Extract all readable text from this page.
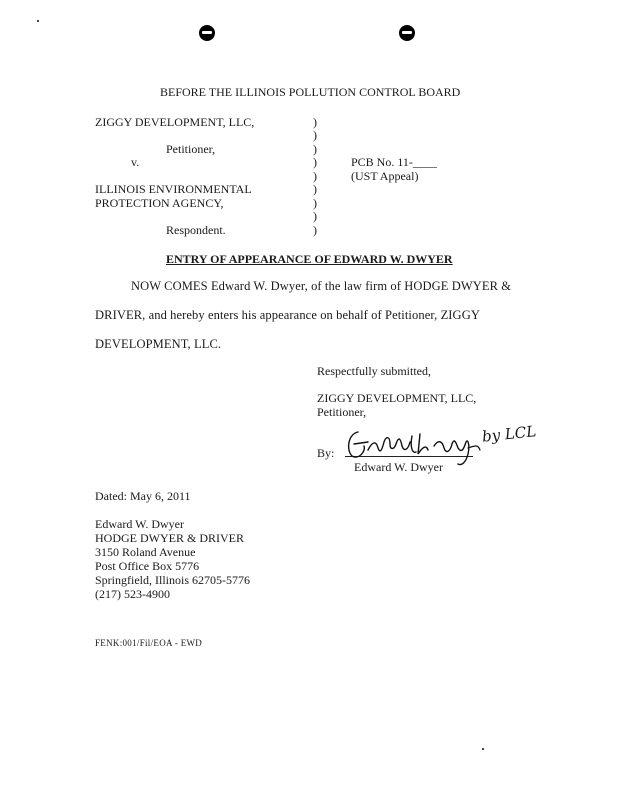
BEFORE THE ILLINOIS POLLUTION CONTROL BOARD
ZIGGY DEVELOPMENT, LLC,
Petitioner,
v.
ILLINOIS ENVIRONMENTAL
PROTECTION AGENCY,
Respondent.
)
)
)
)
)
)
)
)
)
PCB No. 11-____
(UST Appeal)
ENTRY OF APPEARANCE OF EDWARD W. DWYER
NOW COMES Edward W. Dwyer, of the law firm of HODGE DWYER &
DRIVER, and hereby enters his appearance on behalf of Petitioner, ZIGGY
DEVELOPMENT, LLC.
Respectfully submitted,
ZIGGY DEVELOPMENT, LLC,
Petitioner,
By:
by LCL
Edward W. Dwyer
Dated: May 6, 2011
Edward W. Dwyer
HODGE DWYER & DRIVER
3150 Roland Avenue
Post Office Box 5776
Springfield, Illinois 62705-5776
(217) 523-4900
FENK:001/Fil/EOA - EWD
